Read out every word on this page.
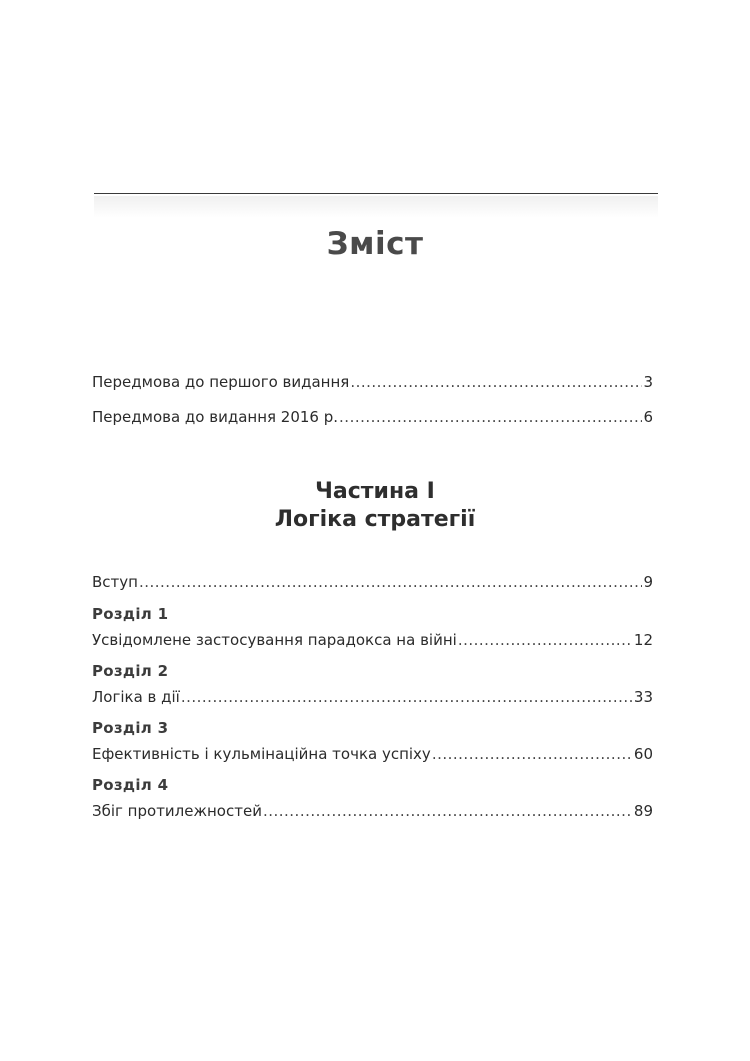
Зміст
Передмова до першого видання .....	3
Передмова до видання 2016 р. .....	6
Частина I
Логіка стратегії
Вступ .....	9
Розділ 1
Усвідомлене застосування парадокса на війні .....	12
Розділ 2
Логіка в дії .....	33
Розділ 3
Ефективність і кульмінаційна точка успіху .....	60
Розділ 4
Збіг протилежностей .....	89
